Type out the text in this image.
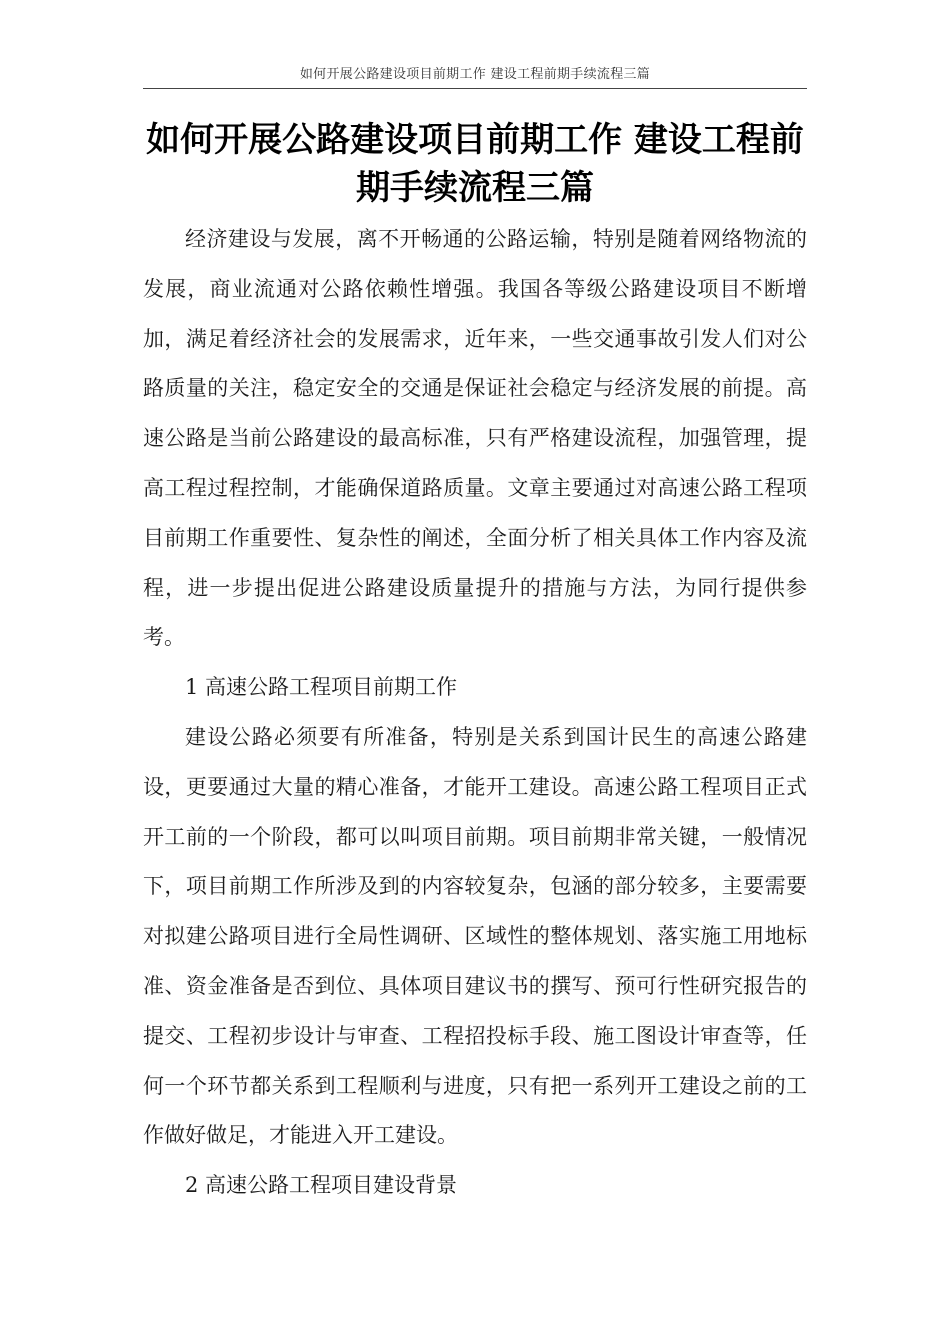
如何开展公路建设项目前期工作 建设工程前期手续流程三篇
如何开展公路建设项目前期工作 建设工程前期手续流程三篇

经济建设与发展，离不开畅通的公路运输，特别是随着网络物流的发展，商业流通对公路依赖性增强。我国各等级公路建设项目不断增加，满足着经济社会的发展需求，近年来，一些交通事故引发人们对公路质量的关注，稳定安全的交通是保证社会稳定与经济发展的前提。高速公路是当前公路建设的最高标准，只有严格建设流程，加强管理，提高工程过程控制，才能确保道路质量。文章主要通过对高速公路工程项目前期工作重要性、复杂性的阐述，全面分析了相关具体工作内容及流程，进一步提出促进公路建设质量提升的措施与方法，为同行提供参考。

1 高速公路工程项目前期工作

建设公路必须要有所准备，特别是关系到国计民生的高速公路建设，更要通过大量的精心准备，才能开工建设。高速公路工程项目正式开工前的一个阶段，都可以叫项目前期。项目前期非常关键，一般情况下，项目前期工作所涉及到的内容较复杂，包涵的部分较多，主要需要对拟建公路项目进行全局性调研、区域性的整体规划、落实施工用地标准、资金准备是否到位、具体项目建议书的撰写、预可行性研究报告的提交、工程初步设计与审查、工程招投标手段、施工图设计审查等，任何一个环节都关系到工程顺利与进度，只有把一系列开工建设之前的工作做好做足，才能进入开工建设。

2 高速公路工程项目建设背景
